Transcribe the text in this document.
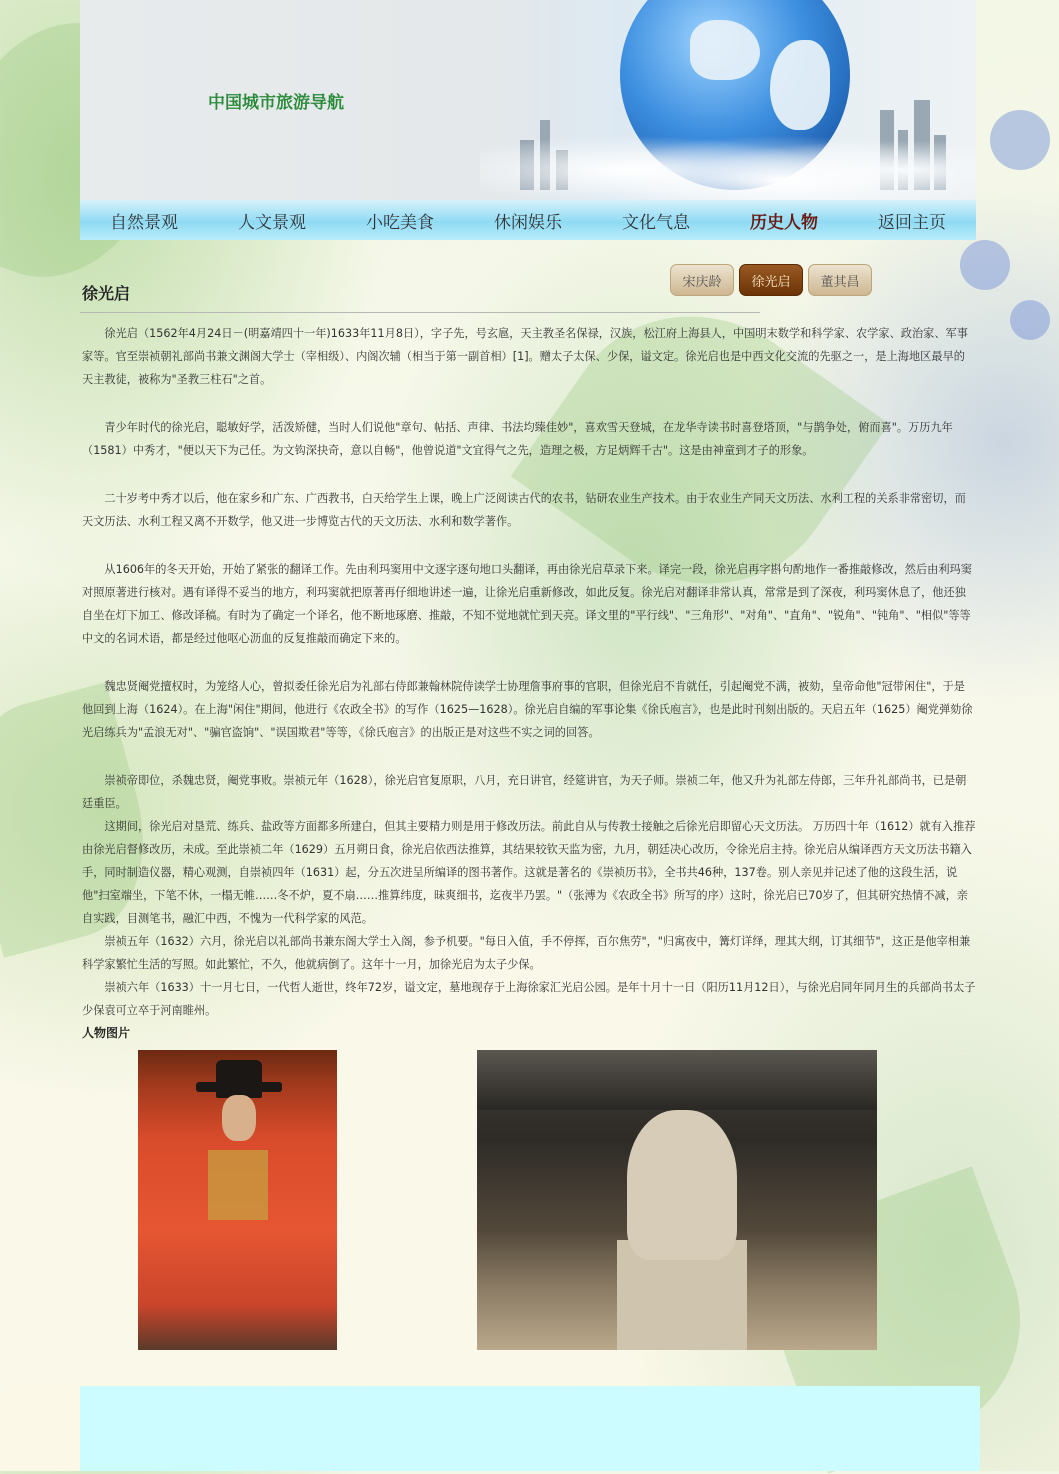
中国城市旅游导航
自然景观	人文景观	小吃美食	休闲娱乐	文化气息	历史人物	返回主页
徐光启
宋庆龄	徐光启	董其昌

徐光启（1562年4月24日－(明嘉靖四十一年)1633年11月8日），字子先，号玄扈，天主教圣名保禄，汉族，松江府上海县人，中国明末数学和科学家、农学家、政治家、军事家等。官至崇祯朝礼部尚书兼文渊阁大学士（宰相级）、内阁次辅（相当于第一副首相）[1]。赠太子太保、少保，谥文定。徐光启也是中西文化交流的先驱之一，是上海地区最早的天主教徒，被称为"圣教三柱石"之首。

青少年时代的徐光启，聪敏好学，活泼矫健，当时人们说他"章句、帖括、声律、书法均臻佳妙"，喜欢雪天登城，在龙华寺读书时喜登塔顶，"与鹊争处，俯而喜"。万历九年（1581）中秀才，"便以天下为己任。为文钩深抉奇，意以自畅"，他曾说道"文宜得气之先，造理之极，方足炳辉千古"。这是由神童到才子的形象。

二十岁考中秀才以后，他在家乡和广东、广西教书，白天给学生上课，晚上广泛阅读古代的农书，钻研农业生产技术。由于农业生产同天文历法、水利工程的关系非常密切，而天文历法、水利工程又离不开数学，他又进一步博览古代的天文历法、水利和数学著作。

从1606年的冬天开始，开始了紧张的翻译工作。先由利玛窦用中文逐字逐句地口头翻译，再由徐光启草录下来。译完一段，徐光启再字斟句酌地作一番推敲修改，然后由利玛窦对照原著进行核对。遇有译得不妥当的地方，利玛窦就把原著再仔细地讲述一遍，让徐光启重新修改，如此反复。徐光启对翻译非常认真，常常是到了深夜，利玛窦休息了，他还独自坐在灯下加工、修改译稿。有时为了确定一个译名，他不断地琢磨、推敲，不知不觉地就忙到天亮。译文里的"平行线"、"三角形"、"对角"、"直角"、"锐角"、"钝角"、"相似"等等中文的名词术语，都是经过他呕心沥血的反复推敲而确定下来的。

魏忠贤阉党擅权时，为笼络人心，曾拟委任徐光启为礼部右侍郎兼翰林院侍读学士协理詹事府事的官职，但徐光启不肯就任，引起阉党不满，被劾，皇帝命他"冠带闲住"，于是他回到上海（1624）。在上海"闲住"期间，他进行《农政全书》的写作（1625—1628）。徐光启自编的军事论集《徐氏庖言》，也是此时刊刻出版的。天启五年（1625）阉党弹劾徐光启练兵为"孟浪无对"、"骗官盗饷"、"误国欺君"等等，《徐氏庖言》的出版正是对这些不实之词的回答。

崇祯帝即位，杀魏忠贤，阉党事败。崇祯元年（1628），徐光启官复原职，八月，充日讲官，经筵讲官，为天子师。崇祯二年，他又升为礼部左侍郎，三年升礼部尚书，已是朝廷重臣。

这期间，徐光启对垦荒、练兵、盐政等方面都多所建白，但其主要精力则是用于修改历法。前此自从与传教士接触之后徐光启即留心天文历法。 万历四十年（1612）就有入推荐由徐光启督修改历，未成。至此崇祯二年（1629）五月朔日食，徐光启依西法推算，其结果较钦天监为密，九月，朝廷决心改历，令徐光启主持。徐光启从编译西方天文历法书籍入手，同时制造仪器，精心观测，自崇祯四年（1631）起，分五次进呈所编译的图书著作。这就是著名的《崇祯历书》，全书共46种，137卷。别人亲见并记述了他的这段生活，说他"扫室端坐，下笔不休，一榻无帷……冬不炉，夏不扇……推算纬度，昧爽细书，迄夜半乃罢。"（张溥为《农政全书》所写的序）这时，徐光启已70岁了，但其研究热情不减，亲自实践，目测笔书，融汇中西，不愧为一代科学家的风范。

崇祯五年（1632）六月，徐光启以礼部尚书兼东阁大学士入阁，参予机要。"每日入值，手不停挥，百尔焦劳"，"归寓夜中，篝灯详绎，理其大纲，订其细节"，这正是他宰相兼科学家繁忙生活的写照。如此繁忙，不久，他就病倒了。这年十一月，加徐光启为太子少保。

崇祯六年（1633）十一月七日，一代哲人逝世，终年72岁，谥文定，墓地现存于上海徐家汇光启公园。是年十月十一日（阳历11月12日），与徐光启同年同月生的兵部尚书太子少保袁可立卒于河南睢州。

人物图片
